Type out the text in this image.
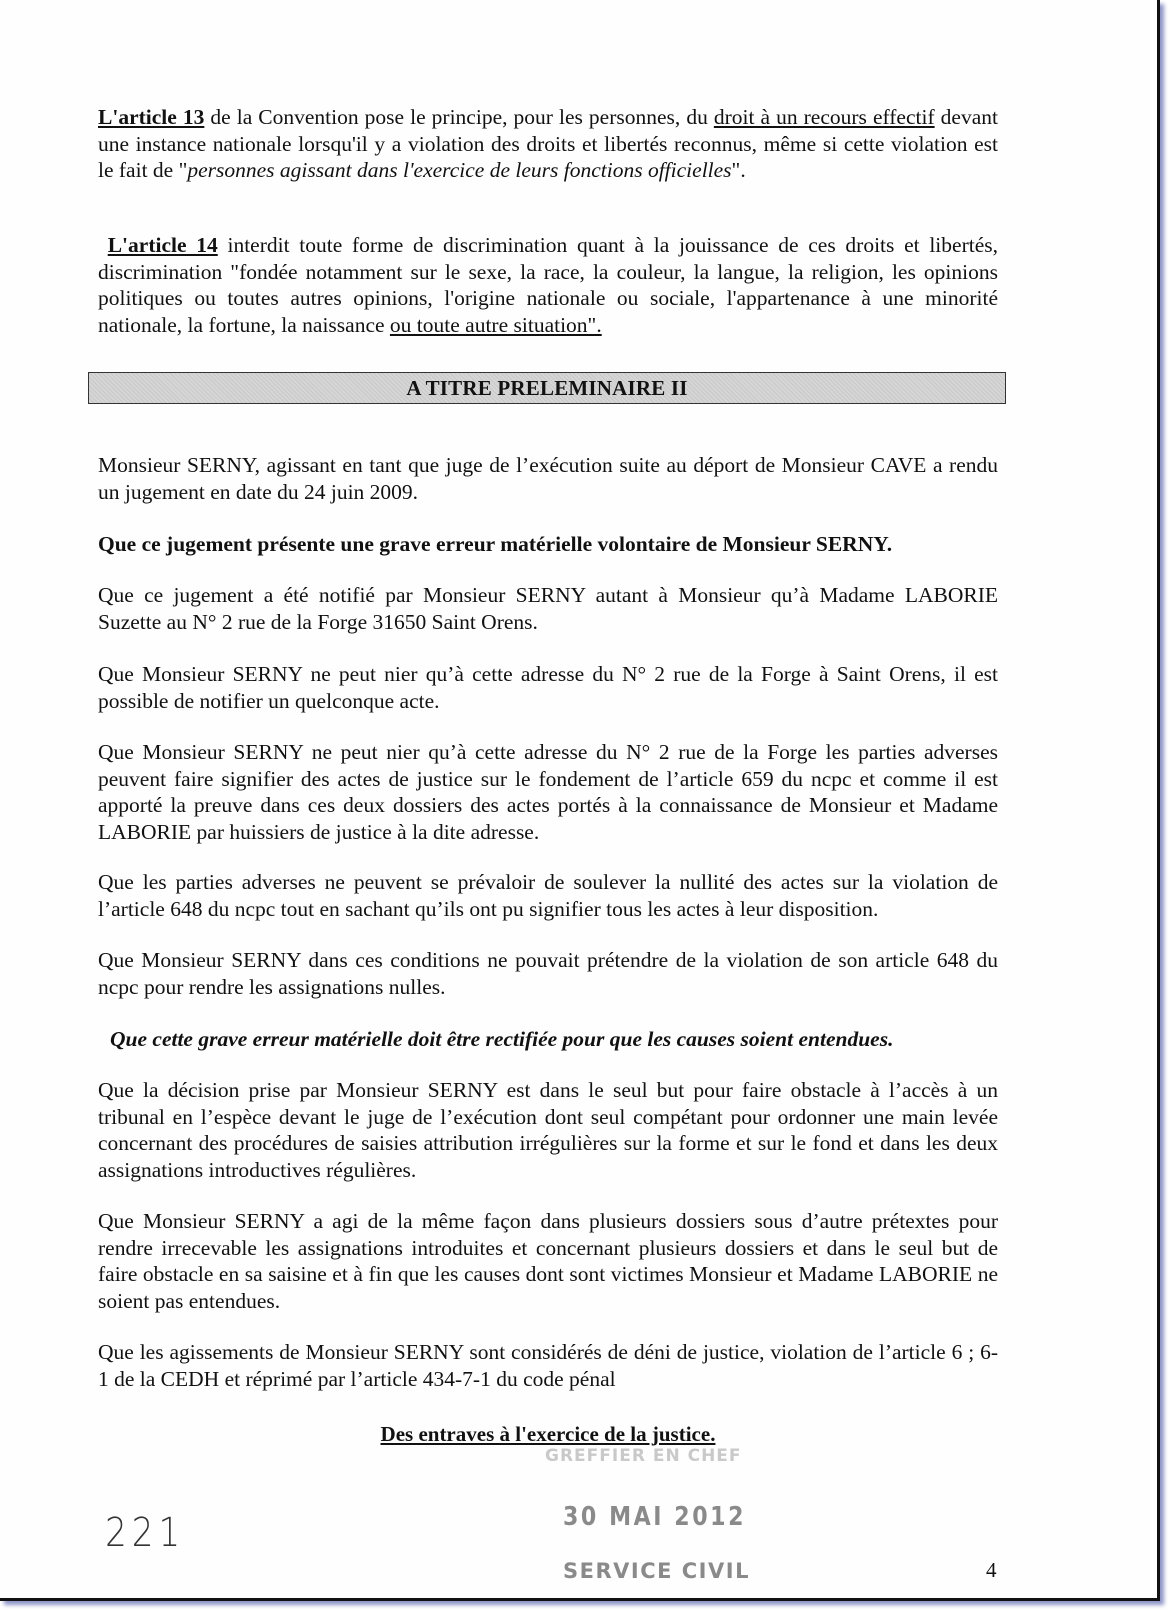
L'article 13 de la Convention pose le principe, pour les personnes, du droit à un recours effectif devant une instance nationale lorsqu'il y a violation des droits et libertés reconnus, même si cette violation est le fait de "personnes agissant dans l'exercice de leurs fonctions officielles".

L'article 14 interdit toute forme de discrimination quant à la jouissance de ces droits et libertés, discrimination "fondée notamment sur le sexe, la race, la couleur, la langue, la religion, les opinions politiques ou toutes autres opinions, l'origine nationale ou sociale, l'appartenance à une minorité nationale, la fortune, la naissance ou toute autre situation".

A TITRE PRELEMINAIRE II

Monsieur SERNY, agissant en tant que juge de l’exécution suite au déport de Monsieur CAVE a rendu un jugement en date du 24 juin 2009.

Que ce jugement présente une grave erreur matérielle volontaire de Monsieur SERNY.

Que ce jugement a été notifié par Monsieur SERNY autant à Monsieur qu’à Madame LABORIE Suzette au N° 2 rue de la Forge 31650 Saint Orens.

Que Monsieur SERNY ne peut nier qu’à cette adresse du N° 2 rue de la Forge à Saint Orens, il est possible de notifier un quelconque acte.

Que Monsieur SERNY ne peut nier qu’à cette adresse du N° 2 rue de la Forge les parties adverses peuvent faire signifier des actes de justice sur le fondement de l’article 659 du ncpc et comme il est apporté la preuve dans ces deux dossiers des actes portés à la connaissance de Monsieur et Madame LABORIE par huissiers de justice à la dite adresse.

Que les parties adverses ne peuvent se prévaloir de soulever la nullité des actes sur la violation de l’article 648 du ncpc tout en sachant qu’ils ont pu signifier tous les actes à leur disposition.

Que Monsieur SERNY dans ces conditions ne pouvait prétendre de la violation de son article 648 du ncpc pour rendre les assignations nulles.

Que cette grave erreur matérielle doit être rectifiée pour que les causes soient entendues.

Que la décision prise par Monsieur SERNY est dans le seul but pour faire obstacle à l’accès à un tribunal en l’espèce devant le juge de l’exécution dont seul compétant pour ordonner une main levée concernant des procédures de saisies attribution irrégulières sur la forme et sur le fond et dans les deux assignations introductives régulières.

Que Monsieur SERNY a agi de la même façon dans plusieurs dossiers sous d’autre prétextes pour rendre irrecevable les assignations introduites et concernant plusieurs dossiers et dans le seul but de faire obstacle en sa saisine et à fin que les causes dont sont victimes Monsieur et Madame LABORIE ne soient pas entendues.

Que les agissements de Monsieur SERNY sont considérés de déni de justice, violation de l’article 6 ; 6-1 de la CEDH et réprimé par l’article 434-7-1 du code pénal

GREFFIER EN CHEF
Des entraves à l'exercice de la justice.
221	30 MAI 2012
SERVICE CIVIL	4
